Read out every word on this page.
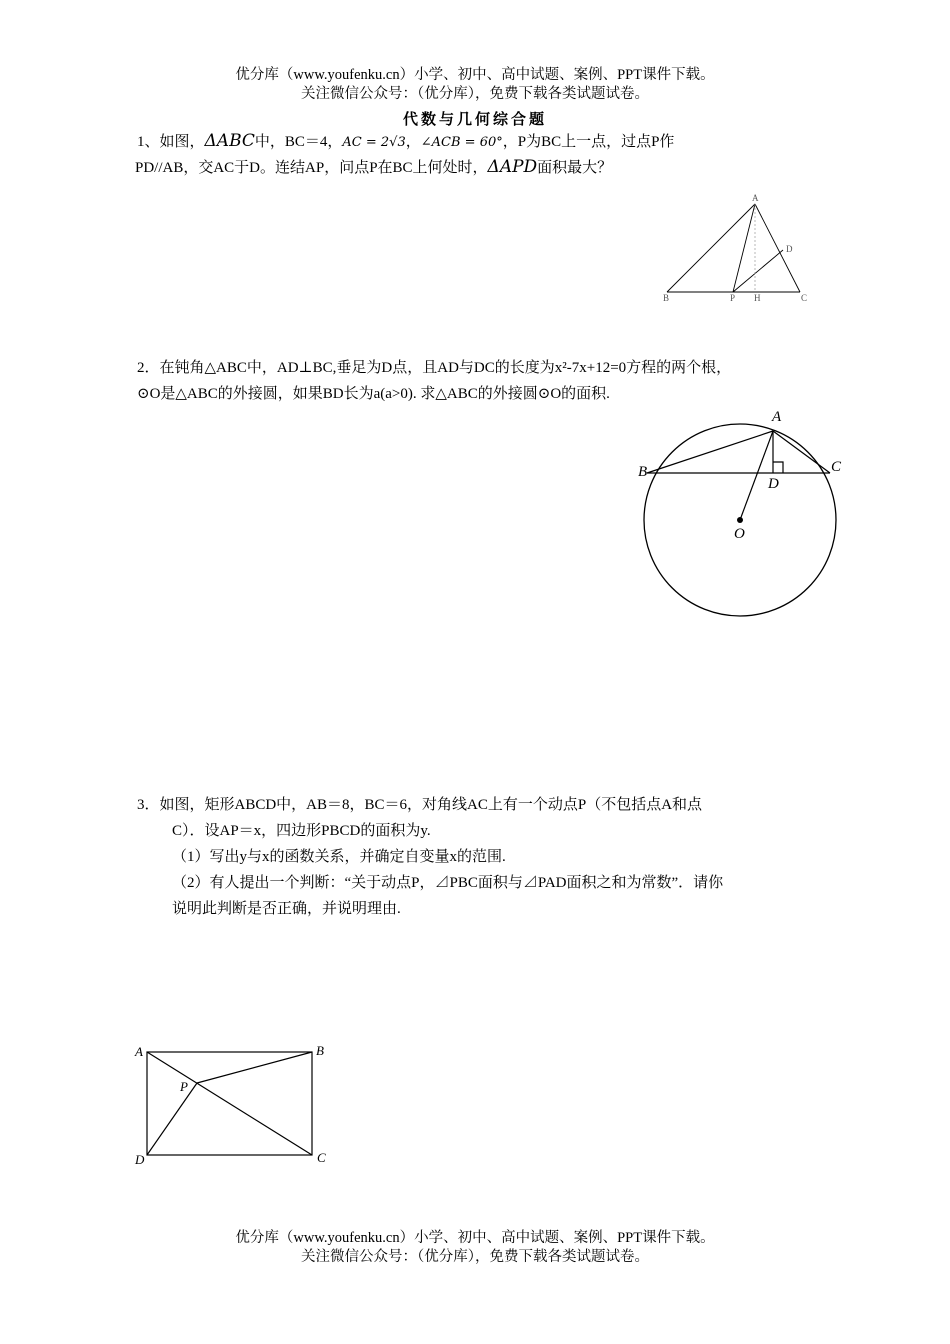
优分库（www.youfenku.cn）小学、初中、高中试题、案例、PPT课件下载。
关注微信公众号：（优分库），免费下载各类试题试卷。
代数与几何综合题
1、如图，ΔABC中，BC＝4，AC = 2√3，∠ACB = 60°，P为BC上一点，过点P作
PD//AB，交AC于D。连结AP，问点P在BC上何处时，ΔAPD面积最大？
A
B	P H	C
D
2．在钝角△ABC中，AD⊥BC,垂足为D点，且AD与DC的长度为x²-7x+12=0方程的两个根，
⊙O是△ABC的外接圆，如果BD长为a(a>0). 求△ABC的外接圆⊙O的面积.
A
B	C
D
O
3．如图，矩形ABCD中，AB＝8，BC＝6，对角线AC上有一个动点P（不包括点A和点
C）．设AP＝x，四边形PBCD的面积为y.
（1）写出y与x的函数关系，并确定自变量x的范围.
（2）有人提出一个判断：“关于动点P，⊿PBC面积与⊿PAD面积之和为常数”．请你
说明此判断是否正确，并说明理由.
A	B
C
D
P
优分库（www.youfenku.cn）小学、初中、高中试题、案例、PPT课件下载。
关注微信公众号：（优分库），免费下载各类试题试卷。
